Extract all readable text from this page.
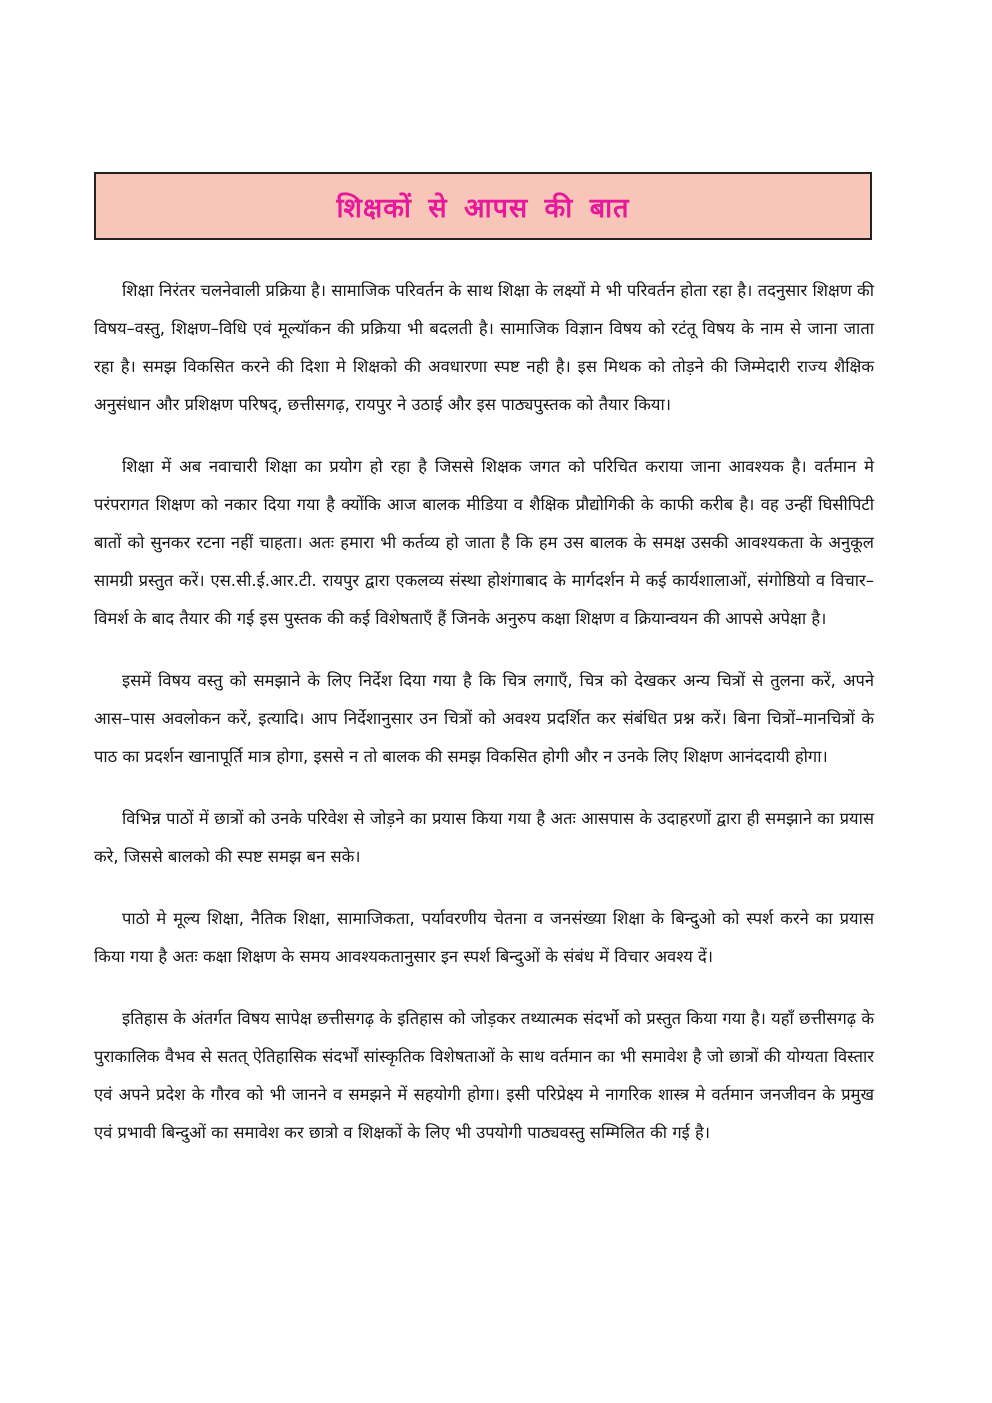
शिक्षकों से आपस की बात

शिक्षा निरंतर चलनेवाली प्रक्रिया है। सामाजिक परिवर्तन के साथ शिक्षा के लक्ष्यों मे भी परिवर्तन होता रहा है। तदनुसार शिक्षण की विषय–वस्तु, शिक्षण–विधि एवं मूल्यॉकन की प्रक्रिया भी बदलती है। सामाजिक विज्ञान विषय को रटंतू विषय के नाम से जाना जाता रहा है। समझ विकसित करने की दिशा मे शिक्षको की अवधारणा स्पष्ट नही है। इस मिथक को तोड़ने की जिम्मेदारी राज्य शैक्षिक अनुसंधान और प्रशिक्षण परिषद्, छत्तीसगढ़, रायपुर ने उठाई और इस पाठ्यपुस्तक को तैयार किया।

शिक्षा में अब नवाचारी शिक्षा का प्रयोग हो रहा है जिससे शिक्षक जगत को परिचित कराया जाना आवश्यक है। वर्तमान मे परंपरागत शिक्षण को नकार दिया गया है क्योंकि आज बालक मीडिया व शैक्षिक प्रौद्योगिकी के काफी करीब है। वह उन्हीं घिसीपिटी बातों को सुनकर रटना नहीं चाहता। अतः हमारा भी कर्तव्य हो जाता है कि हम उस बालक के समक्ष उसकी आवश्यकता के अनुकूल सामग्री प्रस्तुत करें। एस.सी.ई.आर.टी. रायपुर द्वारा एकलव्य संस्था होशंगाबाद के मार्गदर्शन मे कई कार्यशालाओं, संगोष्ठियो व विचार–विमर्श के बाद तैयार की गई इस पुस्तक की कई विशेषताएँ हैं जिनके अनुरुप कक्षा शिक्षण व क्रियान्वयन की आपसे अपेक्षा है।

इसमें विषय वस्तु को समझाने के लिए निर्देश दिया गया है कि चित्र लगाएँ, चित्र को देखकर अन्य चित्रों से तुलना करें, अपने आस–पास अवलोकन करें, इत्यादि। आप निर्देशानुसार उन चित्रों को अवश्य प्रदर्शित कर संबंधित प्रश्न करें। बिना चित्रों–मानचित्रों के पाठ का प्रदर्शन खानापूर्ति मात्र होगा, इससे न तो बालक की समझ विकसित होगी और न उनके लिए शिक्षण आनंददायी होगा।

विभिन्न पाठों में छात्रों को उनके परिवेश से जोड़ने का प्रयास किया गया है अतः आसपास के उदाहरणों द्वारा ही समझाने का प्रयास करे, जिससे बालको की स्पष्ट समझ बन सके।

पाठो मे मूल्य शिक्षा, नैतिक शिक्षा, सामाजिकता, पर्यावरणीय चेतना व जनसंख्या शिक्षा के बिन्दुओ को स्पर्श करने का प्रयास किया गया है अतः कक्षा शिक्षण के समय आवश्यकतानुसार इन स्पर्श बिन्दुओं के संबंध में विचार अवश्य दें।

इतिहास के अंतर्गत विषय सापेक्ष छत्तीसगढ़ के इतिहास को जोड़कर तथ्यात्मक संदर्भो को प्रस्तुत किया गया है। यहाँ छत्तीसगढ़ के पुराकालिक वैभव से सतत् ऐतिहासिक संदर्भों सांस्कृतिक विशेषताओं के साथ वर्तमान का भी समावेश है जो छात्रों की योग्यता विस्तार एवं अपने प्रदेश के गौरव को भी जानने व समझने में सहयोगी होगा। इसी परिप्रेक्ष्य मे नागरिक शास्त्र मे वर्तमान जनजीवन के प्रमुख एवं प्रभावी बिन्दुओं का समावेश कर छात्रो व शिक्षकों के लिए भी उपयोगी पाठ्यवस्तु सम्मिलित की गई है।
